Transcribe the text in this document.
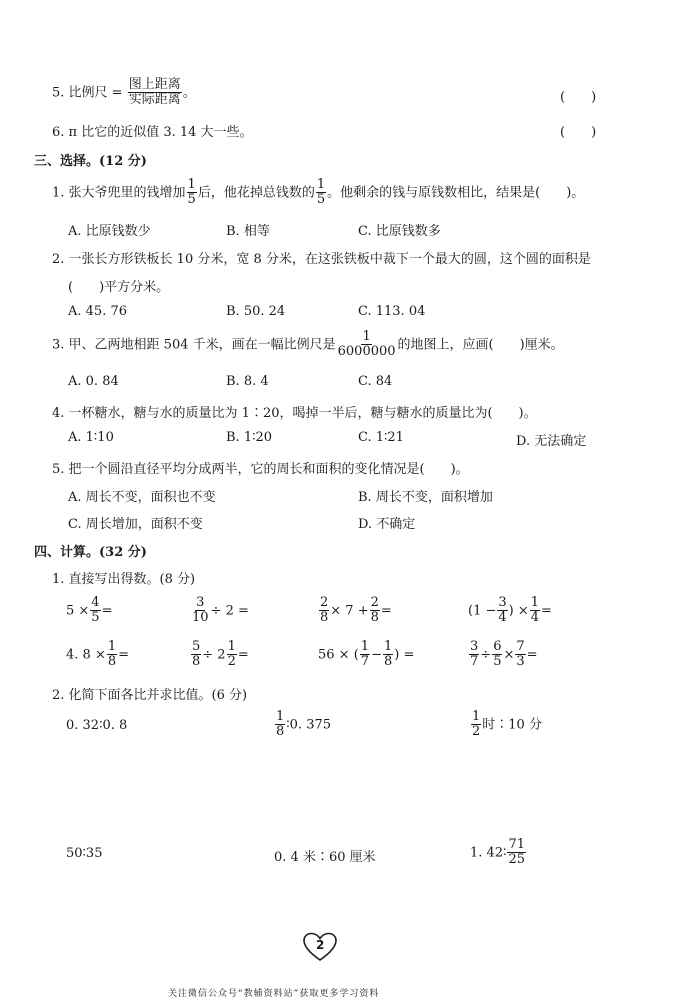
5. 比例尺 = $\frac{\text{图上距离}}{\text{实际距离}}$ 。	(　　)
6. π 比它的近似值 3. 14 大一些。	(　　)
三、选择。(12 分)
1. 张大爷兜里的钱增加 $\frac{1}{5}$ 后，他花掉总钱数的 $\frac{1}{5}$ 。他剩余的钱与原钱数相比，结果是(　　)。
A. 比原钱数少	B. 相等	C. 比原钱数多
2. 一张长方形铁板长 10 分米，宽 8 分米，在这张铁板中裁下一个最大的圆，这个圆的面积是
(　　)平方分米。
A. 45. 76	B. 50. 24	C. 113. 04
3. 甲、乙两地相距 504 千米，画在一幅比例尺是 $\frac{1}{6000000}$ 的地图上，应画(　　)厘米。
A. 0. 84	B. 8. 4	C. 84
4. 一杯糖水，糖与水的质量比为 1∶20，喝掉一半后，糖与糖水的质量比为(　　)。
A. 1∶10	B. 1∶20	C. 1∶21	D. 无法确定
5. 把一个圆沿直径平均分成两半，它的周长和面积的变化情况是(　　)。
A. 周长不变，面积也不变	B. 周长不变，面积增加
C. 周长增加，面积不变	D. 不确定
四、计算。(32 分)
1. 直接写出得数。(8 分)
$5 \times \frac{4}{5}$ =	$\frac{3}{10} \div 2$ =	$\frac{2}{8} \times 7 + \frac{2}{8}$ =	($1 - \frac{3}{4}$ ) × $\frac{1}{4}$ =
4. $8 \times \frac{1}{8}$ =	$\frac{5}{8} \div 2 \frac{1}{2}$ =	56 × ( $\frac{1}{7} - \frac{1}{8}$ ) =	$\frac{3}{7} \div \frac{6}{5} \times \frac{7}{3}$ =
2. 化简下面各比并求比值。(6 分)
0. 32∶0. 8	$\frac{1}{8}$ ∶0. 375	$\frac{1}{2}$ 时∶10 分
50∶35	0. 4 米∶60 厘米	1. 42∶ $\frac{71}{25}$
2
关注微信公众号“教辅资料站”获取更多学习资料
